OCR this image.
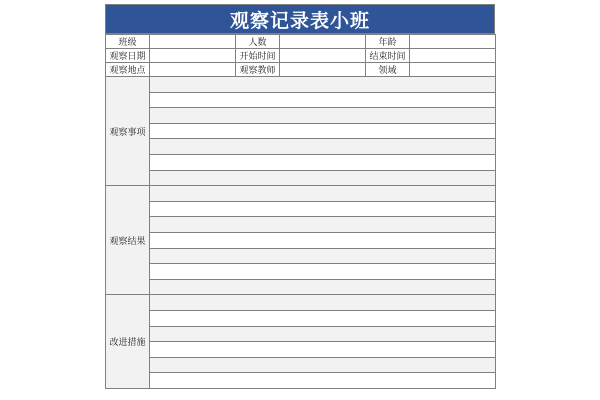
观察记录表小班
班级		人数		年龄	
观察日期		开始时间		结束时间	
观察地点		观察教师		领域	
观察事项					

观察结果					

改进措施					
